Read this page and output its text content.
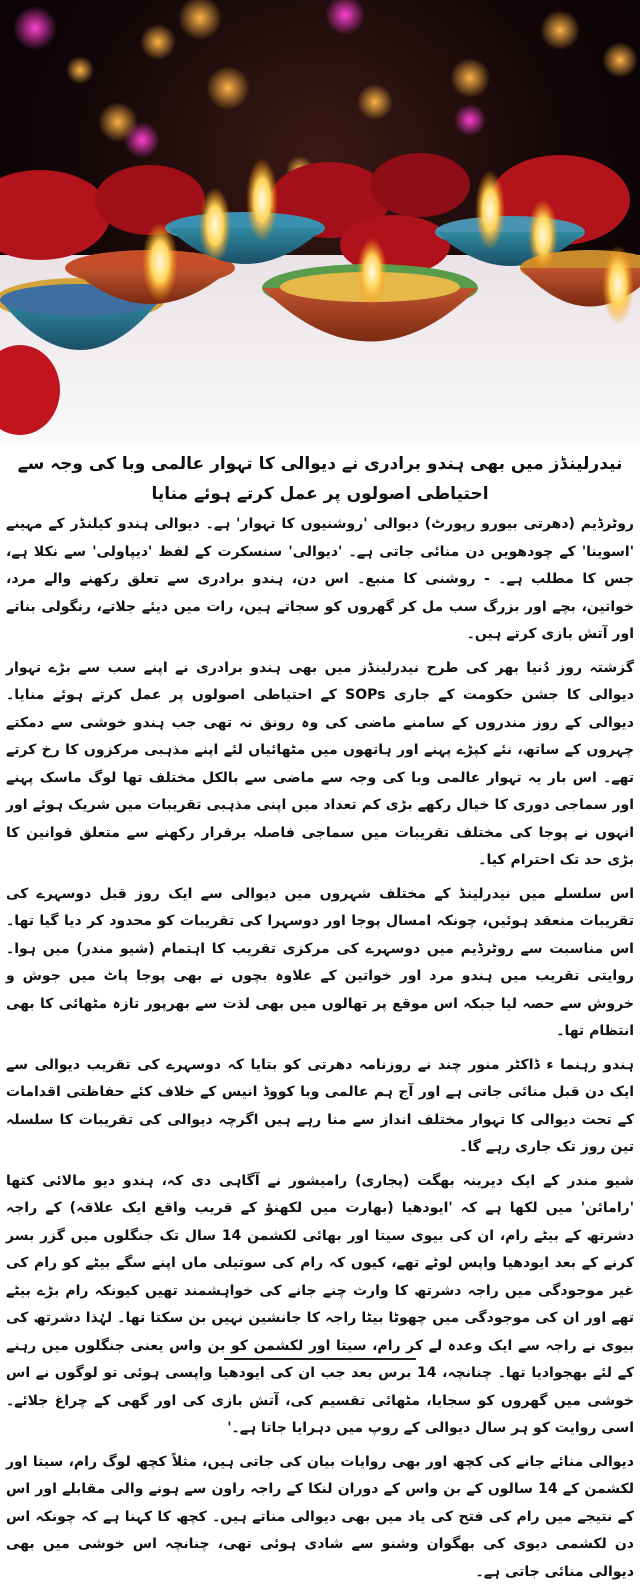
نیدرلینڈز میں بھی ہندو برادری نے دیوالی کا تہوار عالمی وبا کی وجہ سے احتیاطی اصولوں پر عمل کرتے ہوئے منایا

روٹرڈیم (دھرتی بیورو رپورٹ) دیوالی 'روشنیوں کا تہوار' ہے۔ دیوالی ہندو کیلنڈر کے مہینے 'اسوینا' کے چودھویں دن منائی جاتی ہے۔ 'دیوالی' سنسکرت کے لفظ 'دیپاولی' سے نکلا ہے، جس کا مطلب ہے۔ - روشنی کا منبع۔ اس دن، ہندو برادری سے تعلق رکھنے والے مرد، خواتین، بچے اور بزرگ سب مل کر گھروں کو سجاتے ہیں، رات میں دیئے جلاتے، رنگولی بناتے اور آتش بازی کرتے ہیں۔

گزشتہ روز دُنیا بھر کی طرح نیدرلینڈز میں بھی ہندو برادری نے اپنے سب سے بڑے تہوار دیوالی کا جشن حکومت کے جاری SOPs کے احتیاطی اصولوں پر عمل کرتے ہوئے منایا۔ دیوالی کے روز مندروں کے سامنے ماضی کی وہ رونق نہ تھی جب ہندو خوشی سے دمکتے چہروں کے ساتھ، نئے کپڑے پہنے اور ہاتھوں میں مٹھائیاں لئے اپنے مذہبی مرکزوں کا رخ کرتے تھے۔ اس بار یہ تہوار عالمی وبا کی وجہ سے ماضی سے بالکل مختلف تھا لوگ ماسک پہنے اور سماجی دوری کا خیال رکھے بڑی کم تعداد میں اپنی مذہبی تقریبات میں شریک ہوئے اور انہوں نے پوجا کی مختلف تقریبات میں سماجی فاصلہ برقرار رکھنے سے متعلق قوانین کا بڑی حد تک احترام کیا۔

اس سلسلے میں نیدرلینڈ کے مختلف شہروں میں دیوالی سے ایک روز قبل دوسہرے کی تقریبات منعقد ہوئیں، چونکہ امسال پوجا اور دوسہرا کی تقریبات کو محدود کر دیا گیا تھا۔ اس مناسبت سے روٹرڈیم میں دوسہرے کی مرکزی تقریب کا اہتمام (شیو مندر) میں ہوا۔ روایتی تقریب میں ہندو مرد اور خواتین کے علاوہ بچوں نے بھی پوجا پاٹ میں جوش و خروش سے حصہ لیا جبکہ اس موقع پر تھالوں میں بھی لذت سے بھرپور تازہ مٹھائی کا بھی انتظام تھا۔

ہندو رہنما ء ڈاکٹر منور چند نے روزنامہ دھرتی کو بتایا کہ دوسہرے کی تقریب دیوالی سے ایک دن قبل منائی جاتی ہے اور آج ہم عالمی وبا کووڈ انیس کے خلاف کئے حفاظتی اقدامات کے تحت دیوالی کا تہوار مختلف انداز سے منا رہے ہیں اگرچہ دیوالی کی تقریبات کا سلسلہ تین روز تک جاری رہے گا۔

شیو مندر کے ایک دیرینہ بھگت (پجاری) رامیشور نے آگاہی دی کہ، ہندو دیو مالائی کتھا 'رامائن' میں لکھا ہے کہ 'ایودھیا (بھارت میں لکھنؤ کے قریب واقع ایک علاقہ) کے راجہ دشرتھ کے بیٹے رام، ان کی بیوی سیتا اور بھائی لکشمن 14 سال تک جنگلوں میں گزر بسر کرنے کے بعد ایودھیا واپس لوٹے تھے، کیوں کہ رام کی سوتیلی ماں اپنے سگے بیٹے کو رام کی غیر موجودگی میں راجہ دشرتھ کا وارث چنے جانے کی خواہشمند تھیں کیونکہ رام بڑے بیٹے تھے اور ان کی موجودگی میں چھوٹا بیٹا راجہ کا جانشین نہیں بن سکتا تھا۔ لہٰذا دشرتھ کی بیوی نے راجہ سے ایک وعدہ لے کر رام، سیتا اور لکشمن کو بن واس یعنی جنگلوں میں رہنے کے لئے بھجوادیا تھا۔ چنانچہ، 14 برس بعد جب ان کی ایودھیا واپسی ہوئی تو لوگوں نے اس خوشی میں گھروں کو سجایا، مٹھائی تقسیم کی، آتش بازی کی اور گھی کے چراغ جلائے۔ اسی روایت کو ہر سال دیوالی کے روپ میں دہرایا جاتا ہے۔'

دیوالی منائے جانے کی کچھ اور بھی روایات بیان کی جاتی ہیں، مثلاً کچھ لوگ رام، سیتا اور لکشمن کے 14 سالوں کے بن واس کے دوران لنکا کے راجہ راون سے ہونے والی مقابلے اور اس کے نتیجے میں رام کی فتح کی یاد میں بھی دیوالی مناتے ہیں۔ کچھ کا کہنا ہے کہ چونکہ اس دن لکشمی دیوی کی بھگوان وشنو سے شادی ہوئی تھی، چنانچہ اس خوشی میں بھی دیوالی منائی جاتی ہے۔
